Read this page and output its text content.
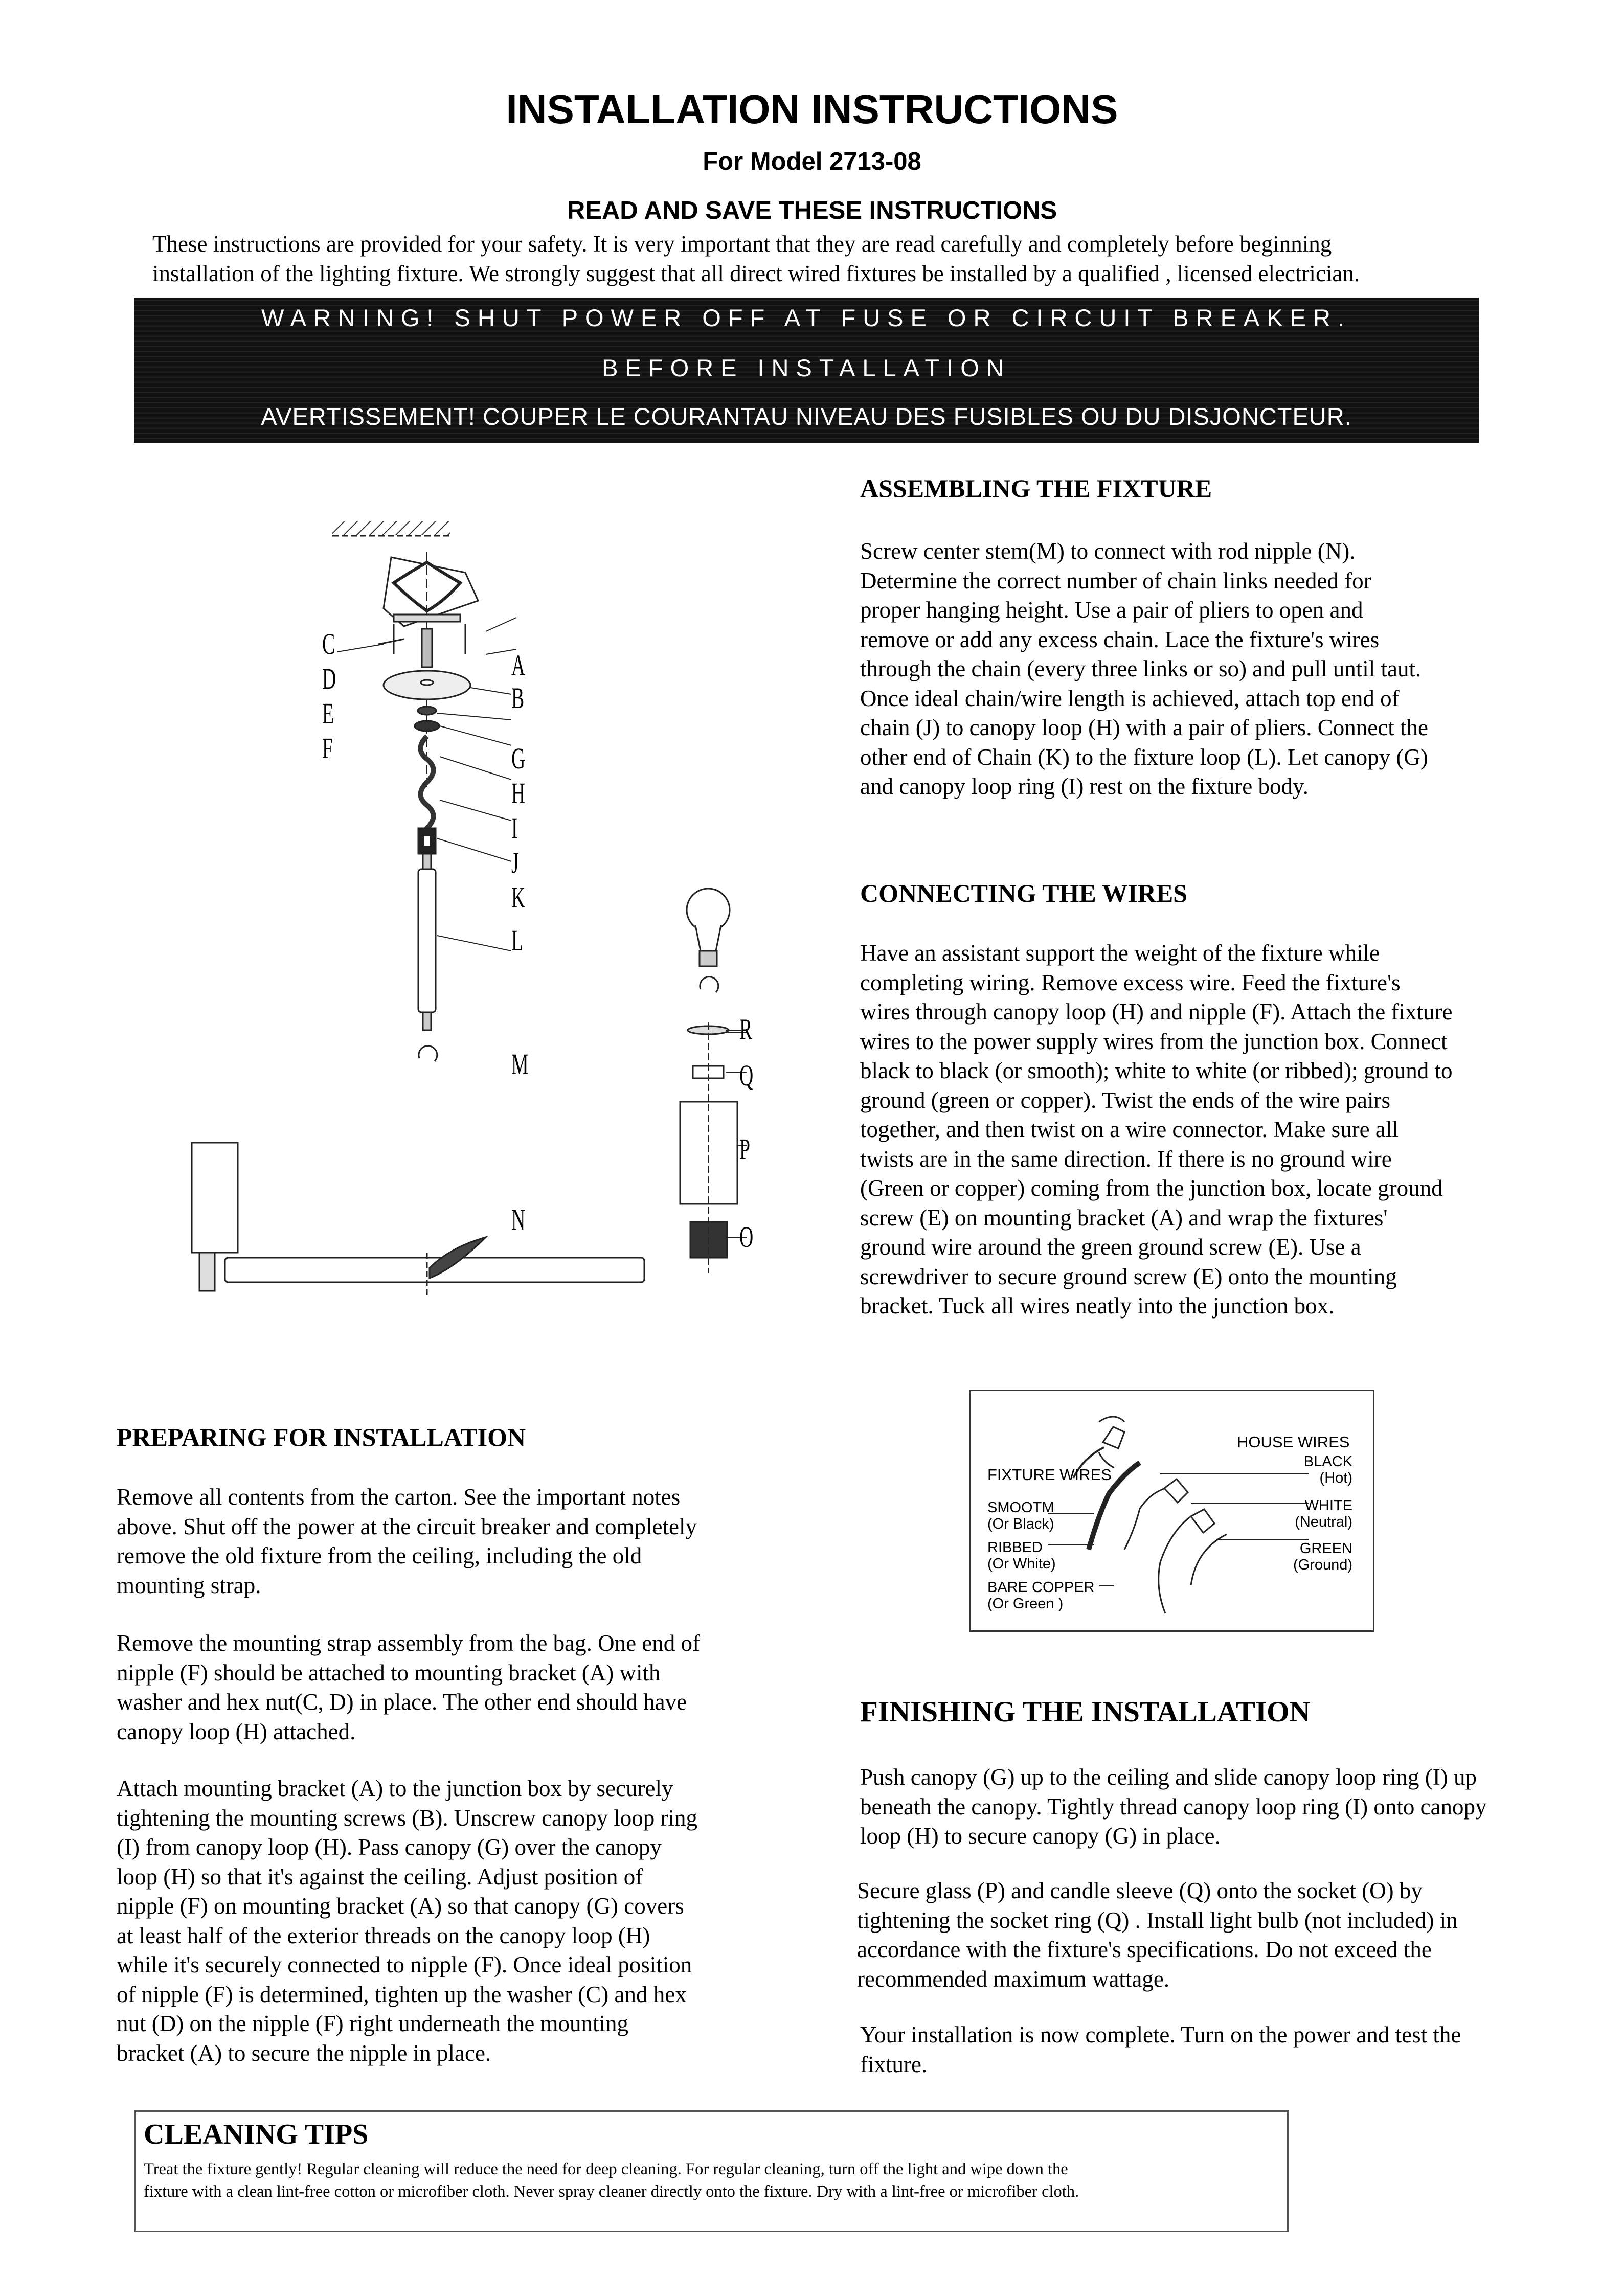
INSTALLATION INSTRUCTIONS
For Model 2713-08
READ AND SAVE THESE INSTRUCTIONS
These instructions are provided for your safety. It is very important that they are read carefully and completely before beginning
installation of the lighting fixture. We strongly suggest that all direct wired fixtures be installed by a qualified , licensed electrician.
WARNING! SHUT POWER OFF AT FUSE OR CIRCUIT BREAKER.
BEFORE INSTALLATION
AVERTISSEMENT! COUPER LE COURANTAU NIVEAU DES FUSIBLES OU DU DISJONCTEUR.
C
D
E
F
A
B
G
H
I
J
K
L
M
N
R
Q
P
O
ASSEMBLING THE FIXTURE
Screw center stem(M) to connect with rod nipple (N).
Determine the correct number of chain links needed for
proper hanging height. Use a pair of pliers to open and
remove or add any excess chain. Lace the fixture's wires
through the chain (every three links or so) and pull until taut.
Once ideal chain/wire length is achieved, attach top end of
chain (J) to canopy loop (H) with a pair of pliers. Connect the
other end of Chain (K) to the fixture loop (L). Let canopy (G)
and canopy loop ring (I) rest on the fixture body.
CONNECTING THE WIRES
Have an assistant support the weight of the fixture while
completing wiring. Remove excess wire. Feed the fixture's
wires through canopy loop (H) and nipple (F). Attach the fixture
wires to the power supply wires from the junction box. Connect
black to black (or smooth); white to white (or ribbed); ground to
ground (green or copper). Twist the ends of the wire pairs
together, and then twist on a wire connector. Make sure all
twists are in the same direction. If there is no ground wire
(Green or copper) coming from the junction box, locate ground
screw (E) on mounting bracket (A) and wrap the fixtures'
ground wire around the green ground screw (E). Use a
screwdriver to secure ground screw (E) onto the mounting
bracket. Tuck all wires neatly into the junction box.
PREPARING FOR INSTALLATION
Remove all contents from the carton. See the important notes
above. Shut off the power at the circuit breaker and completely
remove the old fixture from the ceiling, including the old
mounting strap.
Remove the mounting strap assembly from the bag. One end of
nipple (F) should be attached to mounting bracket (A) with
washer and hex nut(C, D) in place. The other end should have
canopy loop (H) attached.
Attach mounting bracket (A) to the junction box by securely
tightening the mounting screws (B). Unscrew canopy loop ring
(I) from canopy loop (H). Pass canopy (G) over the canopy
loop (H) so that it's against the ceiling. Adjust position of
nipple (F) on mounting bracket (A) so that canopy (G) covers
at least half of the exterior threads on the canopy loop (H)
while it's securely connected to nipple (F). Once ideal position
of nipple (F) is determined, tighten up the washer (C) and hex
nut (D) on the nipple (F) right underneath the mounting
bracket (A) to secure the nipple in place.
HOUSE WIRES
BLACK
(Hot)
FIXTURE WIRES
WHITE
(Neutral)
SMOOTM
(Or Black)
GREEN
(Ground)
RIBBED
(Or White)
BARE COPPER
(Or Green )
FINISHING THE INSTALLATION
Push canopy (G) up to the ceiling and slide canopy loop ring (I) up
beneath the canopy. Tightly thread canopy loop ring (I) onto canopy
loop (H) to secure canopy (G) in place.
Secure glass (P) and candle sleeve (Q) onto the socket (O) by
tightening the socket ring (Q) . Install light bulb (not included) in
accordance with the fixture's specifications. Do not exceed the
recommended maximum wattage.
Your installation is now complete. Turn on the power and test the
fixture.
CLEANING TIPS
Treat the fixture gently! Regular cleaning will reduce the need for deep cleaning. For regular cleaning, turn off the light and wipe down the
fixture with a clean lint-free cotton or microfiber cloth. Never spray cleaner directly onto the fixture. Dry with a lint-free or microfiber cloth.
